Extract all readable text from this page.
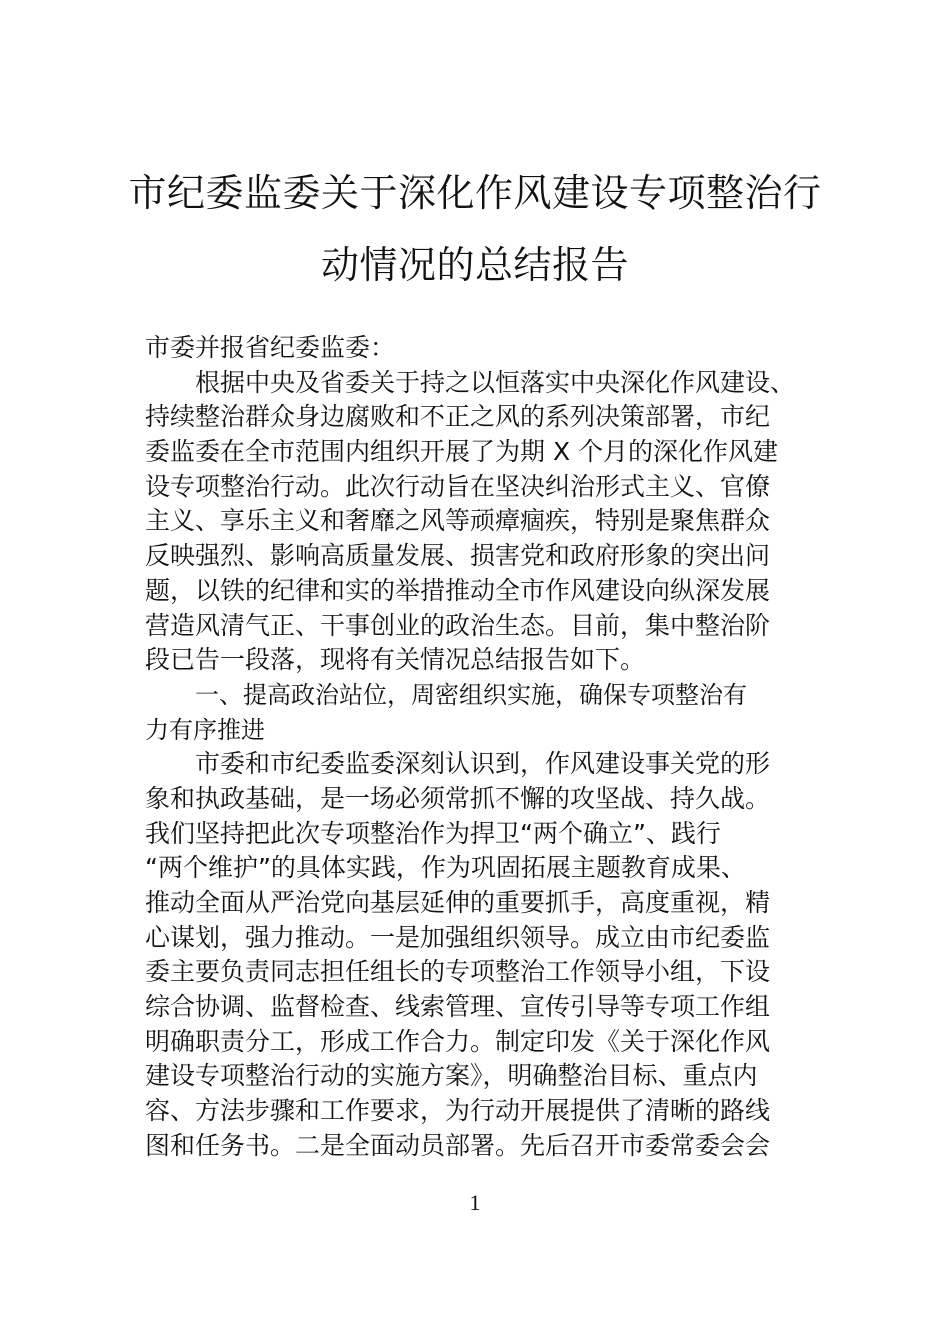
市纪委监委关于深化作风建设专项整治行
动情况的总结报告
市委并报省纪委监委：
根据中央及省委关于持之以恒落实中央深化作风建设、
持续整治群众身边腐败和不正之风的系列决策部署，市纪
委监委在全市范围内组织开展了为期 X 个月的深化作风建
设专项整治行动。此次行动旨在坚决纠治形式主义、官僚
主义、享乐主义和奢靡之风等顽瘴痼疾，特别是聚焦群众
反映强烈、影响高质量发展、损害党和政府形象的突出问
题，以铁的纪律和实的举措推动全市作风建设向纵深发展
营造风清气正、干事创业的政治生态。目前，集中整治阶
段已告一段落，现将有关情况总结报告如下。
一、提高政治站位，周密组织实施，确保专项整治有
力有序推进
市委和市纪委监委深刻认识到，作风建设事关党的形
象和执政基础，是一场必须常抓不懈的攻坚战、持久战。
我们坚持把此次专项整治作为捍卫“两个确立”、践行
“两个维护”的具体实践，作为巩固拓展主题教育成果、
推动全面从严治党向基层延伸的重要抓手，高度重视，精
心谋划，强力推动。一是加强组织领导。成立由市纪委监
委主要负责同志担任组长的专项整治工作领导小组，下设
综合协调、监督检查、线索管理、宣传引导等专项工作组
明确职责分工，形成工作合力。制定印发《关于深化作风
建设专项整治行动的实施方案》，明确整治目标、重点内
容、方法步骤和工作要求，为行动开展提供了清晰的路线
图和任务书。二是全面动员部署。先后召开市委常委会会
1
